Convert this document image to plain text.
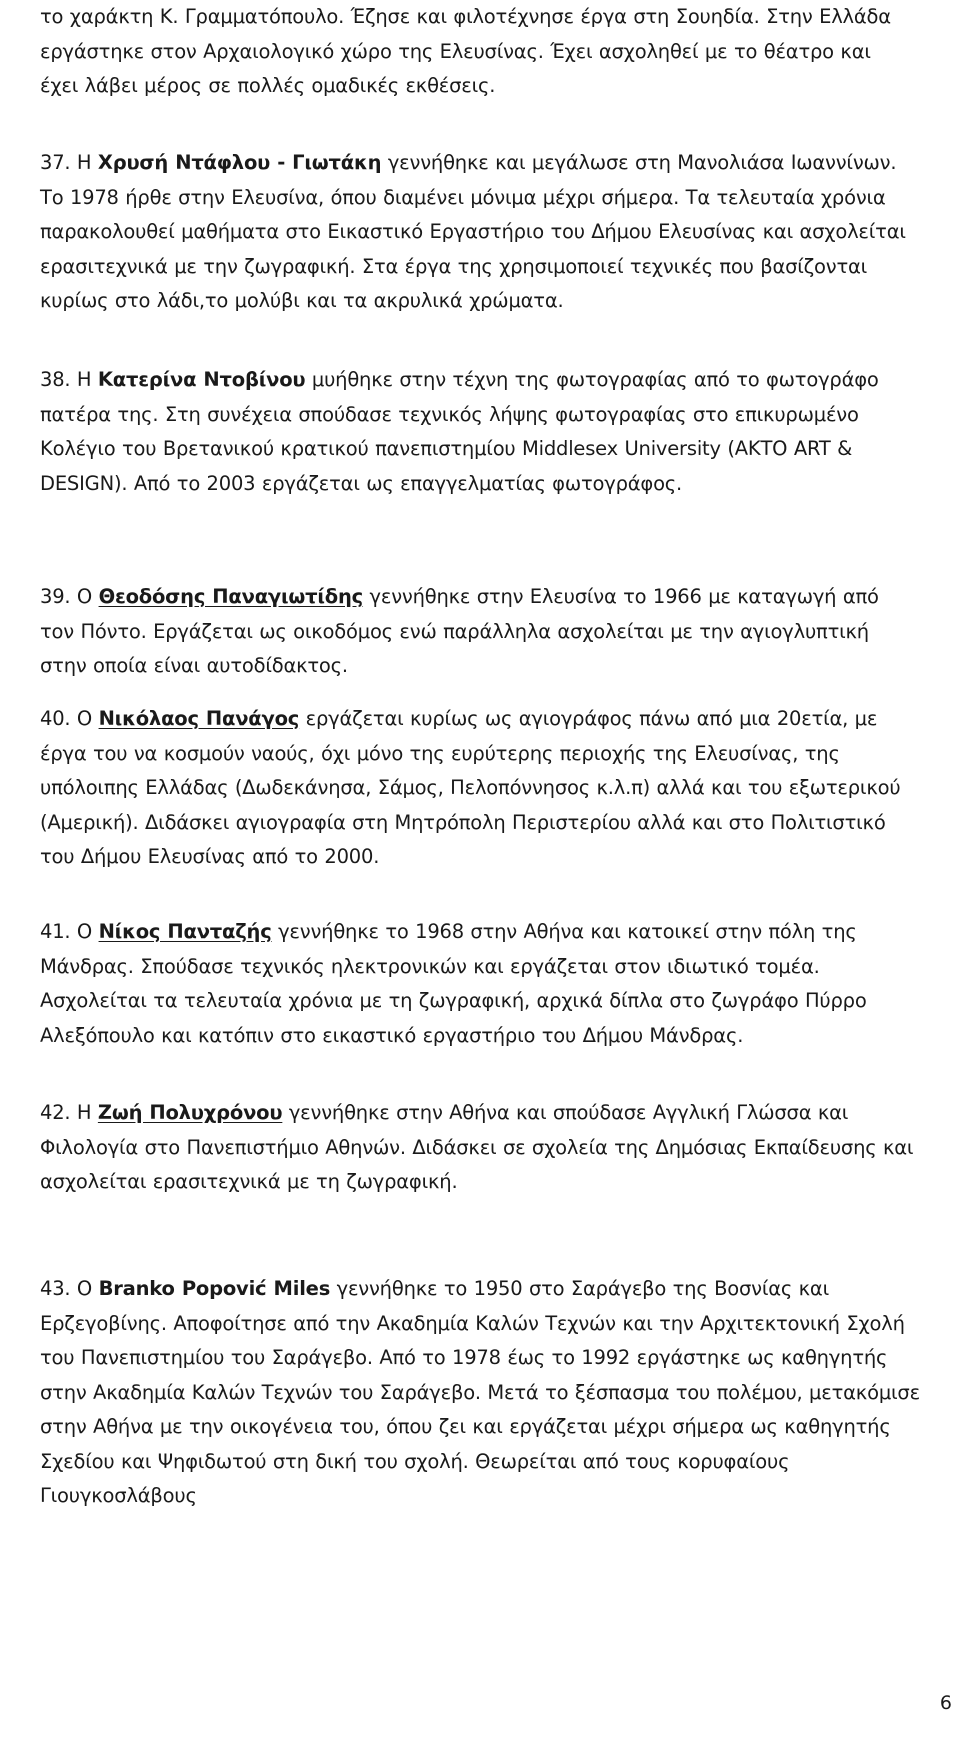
το χαράκτη Κ. Γραμματόπουλο. Έζησε και φιλοτέχνησε έργα στη Σουηδία. Στην Ελλάδα εργάστηκε στον Αρχαιολογικό χώρο της Ελευσίνας. Έχει ασχοληθεί με το θέατρο και έχει λάβει μέρος σε πολλές ομαδικές εκθέσεις.

37. Η Χρυσή Ντάφλου - Γιωτάκη γεννήθηκε και μεγάλωσε στη Μανολιάσα Ιωαννίνων. Το 1978 ήρθε στην Ελευσίνα, όπου διαμένει μόνιμα μέχρι σήμερα. Τα τελευταία χρόνια παρακολουθεί μαθήματα στο Εικαστικό Εργαστήριο του Δήμου Ελευσίνας και ασχολείται ερασιτεχνικά με την ζωγραφική. Στα έργα της χρησιμοποιεί τεχνικές που βασίζονται κυρίως στο λάδι,το μολύβι και τα ακρυλικά χρώματα.

38. Η Κατερίνα Ντοβίνου μυήθηκε στην τέχνη της φωτογραφίας από το φωτογράφο πατέρα της. Στη συνέχεια σπούδασε τεχνικός λήψης φωτογραφίας στο επικυρωμένο Κολέγιο του Βρετανικού κρατικού πανεπιστημίου Middlesex University (ΑΚΤΟ ART & DESIGN). Από το 2003 εργάζεται ως επαγγελματίας φωτογράφος.

39. Ο Θεοδόσης Παναγιωτίδης γεννήθηκε στην Ελευσίνα το 1966 με καταγωγή από τον Πόντο. Εργάζεται ως οικοδόμος ενώ παράλληλα ασχολείται με την αγιογλυπτική στην οποία είναι αυτοδίδακτος.

40. Ο Νικόλαος Πανάγος εργάζεται κυρίως ως αγιογράφος πάνω από μια 20ετία, με έργα του να κοσμούν ναούς, όχι μόνο της ευρύτερης περιοχής της Ελευσίνας, της υπόλοιπης Ελλάδας (Δωδεκάνησα, Σάμος, Πελοπόννησος κ.λ.π) αλλά και του εξωτερικού (Αμερική). Διδάσκει αγιογραφία στη Μητρόπολη Περιστερίου αλλά και στο Πολιτιστικό του Δήμου Ελευσίνας από το 2000.

41. Ο Νίκος Πανταζής γεννήθηκε το 1968 στην Αθήνα και κατοικεί στην πόλη της Μάνδρας. Σπούδασε τεχνικός ηλεκτρονικών και εργάζεται στον ιδιωτικό τομέα. Ασχολείται τα τελευταία χρόνια με τη ζωγραφική, αρχικά δίπλα στο ζωγράφο Πύρρο Αλεξόπουλο και κατόπιν στο εικαστικό εργαστήριο του Δήμου Μάνδρας.

42. Η Ζωή Πολυχρόνου γεννήθηκε στην Αθήνα και σπούδασε Αγγλική Γλώσσα και Φιλολογία στο Πανεπιστήμιο Αθηνών. Διδάσκει σε σχολεία της Δημόσιας Εκπαίδευσης και ασχολείται ερασιτεχνικά με τη ζωγραφική.

43. Ο Branko Popović Miles γεννήθηκε το 1950 στο Σαράγεβο της Βοσνίας και Ερζεγοβίνης. Αποφοίτησε από την Ακαδημία Καλών Τεχνών και την Αρχιτεκτονική Σχολή του Πανεπιστημίου του Σαράγεβο. Από το 1978 έως το 1992 εργάστηκε ως καθηγητής στην Ακαδημία Καλών Τεχνών του Σαράγεβο. Μετά το ξέσπασμα του πολέμου, μετακόμισε στην Αθήνα με την οικογένεια του, όπου ζει και εργάζεται μέχρι σήμερα ως καθηγητής Σχεδίου και Ψηφιδωτού στη δική του σχολή. Θεωρείται από τους κορυφαίους Γιουγκοσλάβους

6
